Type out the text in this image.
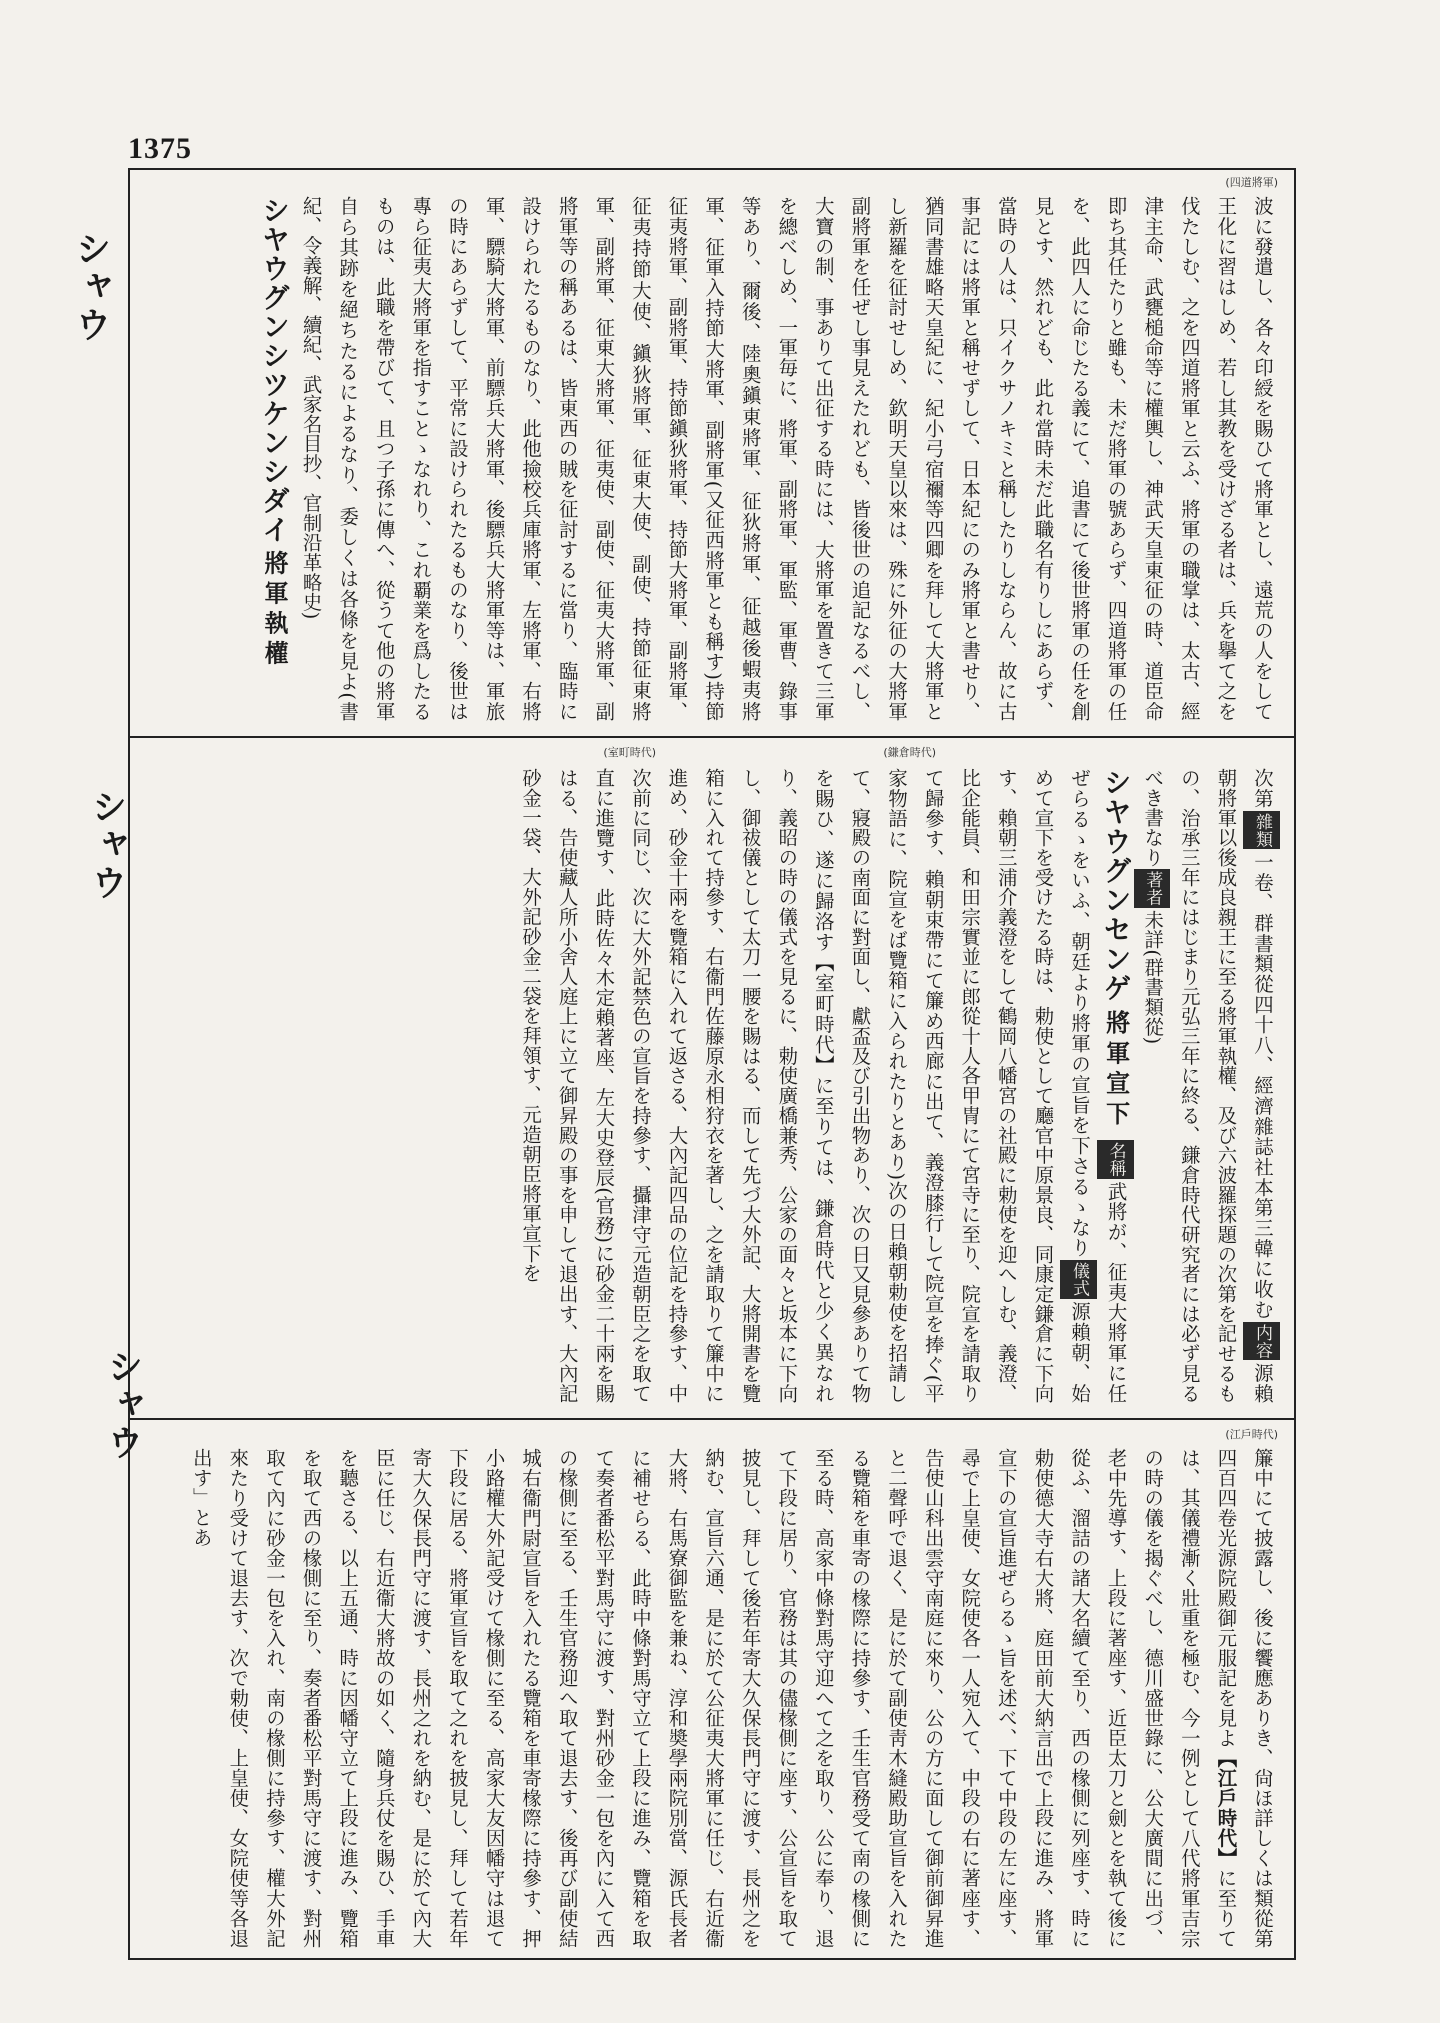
1375
シャウ
シャウ
シャウ
(四道將軍)
波に發遣し、各々印綬を賜ひて將軍とし、遠荒の人をして王化に習はしめ、若し其教を受けざる者は、兵を擧て之を伐たしむ、之を四道將軍と云ふ、將軍の職掌は、太古、經津主命、武甕槌命等に權輿し、神武天皇東征の時、道臣命即ち其任たりと雖も、未だ將軍の號あらず、四道將軍の任を、此四人に命じたる義にて、追書にて後世將軍の任を創見とす、然れども、此れ當時未だ此職名有りしにあらず、當時の人は、只イクサノキミと稱したりしならん、故に古事記には將軍と稱せずして、日本紀にのみ將軍と書せり、猶同書雄略天皇紀に、紀小弓宿禰等四卿を拜して大將軍とし新羅を征討せしめ、欽明天皇以來は、殊に外征の大將軍副將軍を任ぜし事見えたれども、皆後世の追記なるべし、大寶の制、事ありて出征する時には、大將軍を置きて三軍を總べしめ、一軍毎に、將軍、副將軍、軍監、軍曹、錄事等あり、爾後、陸奧鎭東將軍、征狄將軍、征越後蝦夷將軍、征軍入持節大將軍、副將軍(又征西將軍とも稱す)持節征夷將軍、副將軍、持節鎭狄將軍、持節大將軍、副將軍、征夷持節大使、鎭狄將軍、征東大使、副使、持節征東將軍、副將軍、征東大將軍、征夷使、副使、征夷大將軍、副將軍等の稱あるは、皆東西の賊を征討するに當り、臨時に設けられたるものなり、此他撿校兵庫將軍、左將軍、右將軍、驃騎大將軍、前驃兵大將軍、後驃兵大將軍等は、軍旅の時にあらずして、平常に設けられたるものなり、後世は專ら征夷大將軍を指すことゝなれり、これ覇業を爲したるものは、此職を帶びて、且つ子孫に傳へ、從うて他の將軍自ら其跡を絕ちたるによるなり、委しくは各條を見よ(書紀、令義解、續紀、武家名目抄、官制沿革略史)
シヤウグンシツケンシダイ 將軍執權
(鎌倉時代)
(室町時代)
次第雜類一卷、群書類從四十八、經濟雜誌社本第三韓に收む内容源賴朝將軍以後成良親王に至る將軍執權、及び六波羅探題の次第を記せるもの、治承三年にはじまり元弘三年に終る、鎌倉時代研究者には必ず見るべき書なり著者未詳(群書類從)
シヤウグンセンゲ 將軍宣下 名稱武將が、征夷大將軍に任ぜらるゝをいふ、朝廷より將軍の宣旨を下さるゝなり儀式源賴朝、始めて宣下を受けたる時は、勅使として廳官中原景良、同康定鎌倉に下向す、賴朝三浦介義澄をして鶴岡八幡宮の社殿に勅使を迎へしむ、義澄、比企能員、和田宗實並に郎從十人各甲冑にて宮寺に至り、院宣を請取りて歸參す、賴朝束帶にて簾め西廊に出て、義澄膝行して院宣を捧ぐ(平家物語に、院宣をば覽箱に入られたりとあり)次の日賴朝勅使を招請して、寢殿の南面に對面し、獻盃及び引出物あり、次の日又見參ありて物を賜ひ、遂に歸洛す【室町時代】に至りては、鎌倉時代と少く異なれり、義昭の時の儀式を見るに、勅使廣橋兼秀、公家の面々と坂本に下向し、御祓儀として太刀一腰を賜はる、而して先づ大外記、大將開書を覽箱に入れて持參す、右衞門佐藤原永相狩衣を著し、之を請取りて簾中に進め、砂金十兩を覽箱に入れて返さる、大內記四品の位記を持參す、中次前に同じ、次に大外記禁色の宣旨を持參す、攝津守元造朝臣之を取て直に進覽す、此時佐々木定賴著座、左大史登辰(官務)に砂金二十兩を賜はる、告使藏人所小舍人庭上に立て御昇殿の事を申して退出す、大內記砂金一袋、大外記砂金二袋を拜領す、元造朝臣將軍宣下を
(江戶時代)
簾中にて披露し、後に饗應ありき、尙ほ詳しくは類從第四百四卷光源院殿御元服記を見よ【江戶時代】に至りては、其儀禮漸く壯重を極む、今一例として八代將軍吉宗の時の儀を揭ぐべし、德川盛世錄に、公大廣間に出づ、老中先導す、上段に著座す、近臣太刀と劍とを執て後に從ふ、溜詰の諸大名續て至り、西の椽側に列座す、時に勅使德大寺右大將、庭田前大納言出で上段に進み、將軍宣下の宣旨進ぜらるゝ旨を述べ、下て中段の左に座す、尋で上皇使、女院使各一人宛入て、中段の右に著座す、告使山科出雲守南庭に來り、公の方に面して御前御昇進と二聲呼で退く、是に於て副使靑木縫殿助宣旨を入れたる覽箱を車寄の椽際に持參す、壬生官務受て南の椽側に至る時、高家中條對馬守迎へて之を取り、公に奉り、退て下段に居り、官務は其の儘椽側に座す、公宣旨を取て披見し、拜して後若年寄大久保長門守に渡す、長州之を納む、宣旨六通、是に於て公征夷大將軍に任じ、右近衞大將、右馬寮御監を兼ね、淳和奬學兩院別當、源氏長者に補せらる、此時中條對馬守立て上段に進み、覽箱を取て奏者番松平對馬守に渡す、對州砂金一包を內に入て西の椽側に至る、壬生官務迎へ取て退去す、後再び副使結城右衞門尉宣旨を入れたる覽箱を車寄椽際に持參す、押小路權大外記受けて椽側に至る、高家大友因幡守は退て下段に居る、將軍宣旨を取て之れを披見し、拜して若年寄大久保長門守に渡す、長州之れを納む、是に於て內大臣に任じ、右近衞大將故の如く、隨身兵仗を賜ひ、手車を聽さる、以上五通、時に因幡守立て上段に進み、覽箱を取て西の椽側に至り、奏者番松平對馬守に渡す、對州取て內に砂金一包を入れ、南の椽側に持參す、權大外記來たり受けて退去す、次で勅使、上皇使、女院使等各退出す」とあ
